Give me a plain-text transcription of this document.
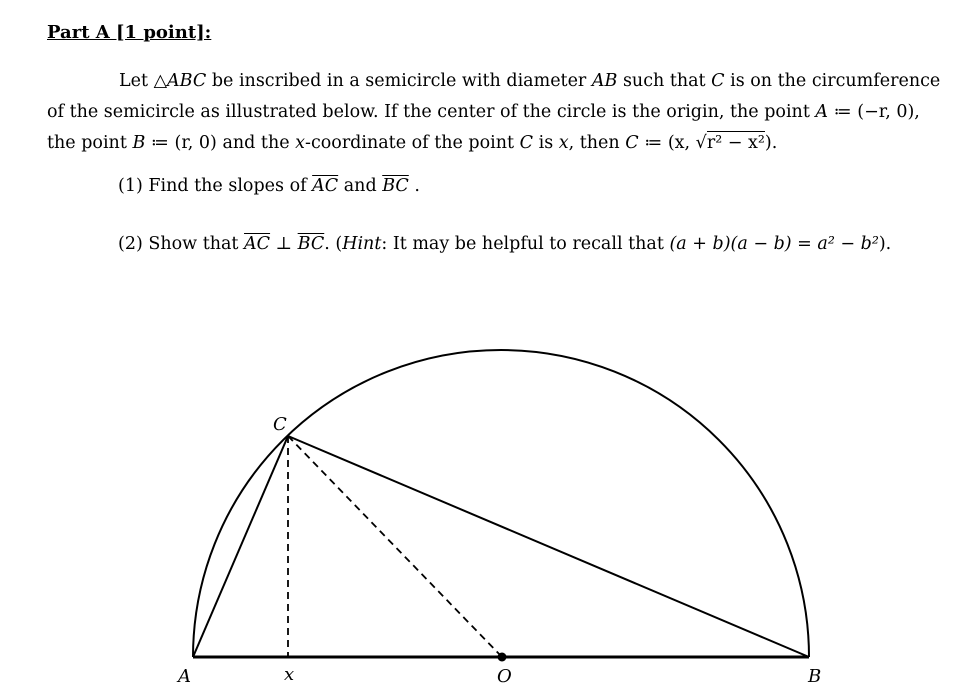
Part A [1 point]:
Let △ABC be inscribed in a semicircle with diameter AB such that C is on the circumference
of the semicircle as illustrated below. If the center of the circle is the origin, the point A ≔ (−r, 0),
the point B ≔ (r, 0) and the x-coordinate of the point C is x, then C ≔ (x, √r² − x²).
(1) Find the slopes of $\overline{AC}$ and $\overline{BC}$ .
(2) Show that $\overline{AC}$ ⊥ $\overline{BC}$. (Hint: It may be helpful to recall that (a + b)(a − b) = a² − b²).
A	x	O	B
C
